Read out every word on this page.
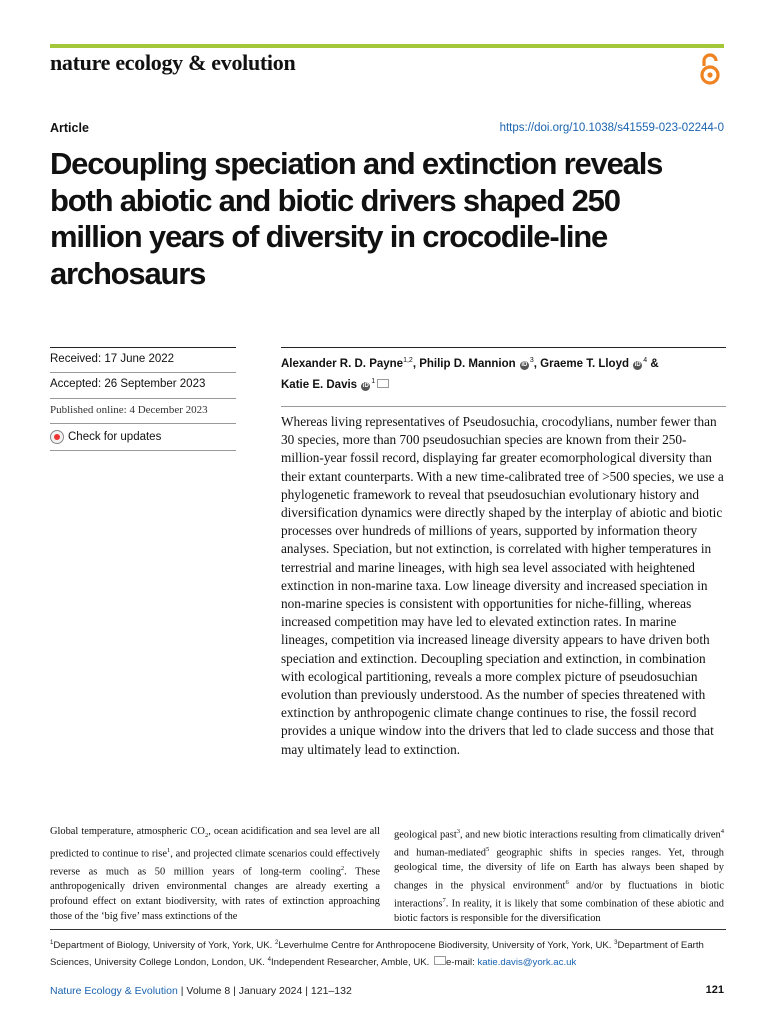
nature ecology & evolution
Article	https://doi.org/10.1038/s41559-023-02244-0
Decoupling speciation and extinction reveals both abiotic and biotic drivers shaped 250 million years of diversity in crocodile-line archosaurs
Received: 17 June 2022
Accepted: 26 September 2023
Published online: 4 December 2023
Check for updates
Alexander R. D. Payne$^{1,2}$, Philip D. Mannion $iD^3$, Graeme T. Lloyd $iD^4$ &
Katie E. Davis $iD^1$

Whereas living representatives of Pseudosuchia, crocodylians, number fewer than 30 species, more than 700 pseudosuchian species are known from their 250-million-year fossil record, displaying far greater ecomorphological diversity than their extant counterparts. With a new time-calibrated tree of >500 species, we use a phylogenetic framework to reveal that pseudosuchian evolutionary history and diversification dynamics were directly shaped by the interplay of abiotic and biotic processes over hundreds of millions of years, supported by information theory analyses. Speciation, but not extinction, is correlated with higher temperatures in terrestrial and marine lineages, with high sea level associated with heightened extinction in non-marine taxa. Low lineage diversity and increased speciation in non-marine species is consistent with opportunities for niche-filling, whereas increased competition may have led to elevated extinction rates. In marine lineages, competition via increased lineage diversity appears to have driven both speciation and extinction. Decoupling speciation and extinction, in combination with ecological partitioning, reveals a more complex picture of pseudosuchian evolution than previously understood. As the number of species threatened with extinction by anthropogenic climate change continues to rise, the fossil record provides a unique window into the drivers that led to clade success and those that may ultimately lead to extinction.

Global temperature, atmospheric $CO_2$, ocean acidification and sea level are all predicted to continue to rise$^1$, and projected climate scenarios could effectively reverse as much as 50 million years of long-term cooling$^2$. These anthropogenically driven environmental changes are already exerting a profound effect on extant biodiversity, with rates of extinction approaching those of the ‘big five’ mass extinctions of the

geological past$^3$, and new biotic interactions resulting from climatically driven$^4$ and human-mediated$^5$ geographic shifts in species ranges. Yet, through geological time, the diversity of life on Earth has always been shaped by changes in the physical environment$^6$ and/or by fluctuations in biotic interactions$^7$. In reality, it is likely that some combination of these abiotic and biotic factors is responsible for the diversification

$^1$Department of Biology, University of York, York, UK. $^2$Leverhulme Centre for Anthropocene Biodiversity, University of York, York, UK. $^3$Department of Earth Sciences, University College London, London, UK. $^4$Independent Researcher, Amble, UK. e-mail: katie.davis@york.ac.uk

Nature Ecology & Evolution | Volume 8 | January 2024 | 121–132	121
